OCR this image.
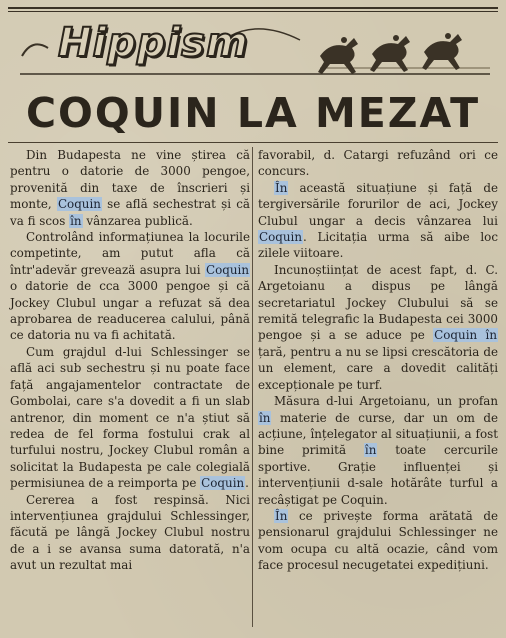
Hippism
COQUIN LA MEZAT

Din Budapesta ne vine știrea că pentru o datorie de 3000 pengoe, provenită din taxe de înscrieri și monte, Coquin se află sechestrat și că va fi scos în vânzarea publică.

Controlând informațiunea la locurile competinte, am putut afla că într'adevăr greveazä asupra lui Coquin o datorie de cca 3000 pengoe și că Jockey Clubul ungar a refuzat să dea aprobarea de readucerea calului, până ce datoria nu va fi achitată.

Cum grajdul d-lui Schlessinger se află aci sub sechestru și nu poate face față angajamentelor contractate de Gombolai, care s'a dovedit a fi un slab antrenor, din moment ce n'a știut să redea de fel forma fostului crak al turfului nostru, Jockey Clubul român a solicitat la Budapesta pe cale colegială permisiunea de a reimporta pe Coquin.

Cererea a fost respinsă. Nici intervențiunea grajdului Schlessinger, făcută pe lângă Jockey Clubul nostru de a i se avansa suma datorată, n'a avut un rezultat mai

favorabil, d. Catargi refuzând ori ce concurs.

În această situațiune și față de tergiversările forurilor de aci, Jockey Clubul ungar a decis vânzarea lui Coquin. Licitația urma să aibe loc zilele viitoare.

Incunoștiințat de acest fapt, d. C. Argetoianu a dispus pe lângă secretariatul Jockey Clubului să se remită telegrafic la Budapesta cei 3000 pengoe și a se aduce pe Coquin în țară, pentru a nu se lipsi crescătoria de un element, care a dovedit calități excepționale pe turf.

Măsura d-lui Argetoianu, un profan în materie de curse, dar un om de acțiune, înțelegator al situațiunii, a fost bine primită în toate cercurile sportive. Grație influenței și intervențiunii d-sale hotărâte turful a recâștigat pe Coquin.

În ce privește forma arătată de pensionarul grajdului Schlessinger ne vom ocupa cu altă ocazie, când vom face procesul necugetatei expedițiuni.
